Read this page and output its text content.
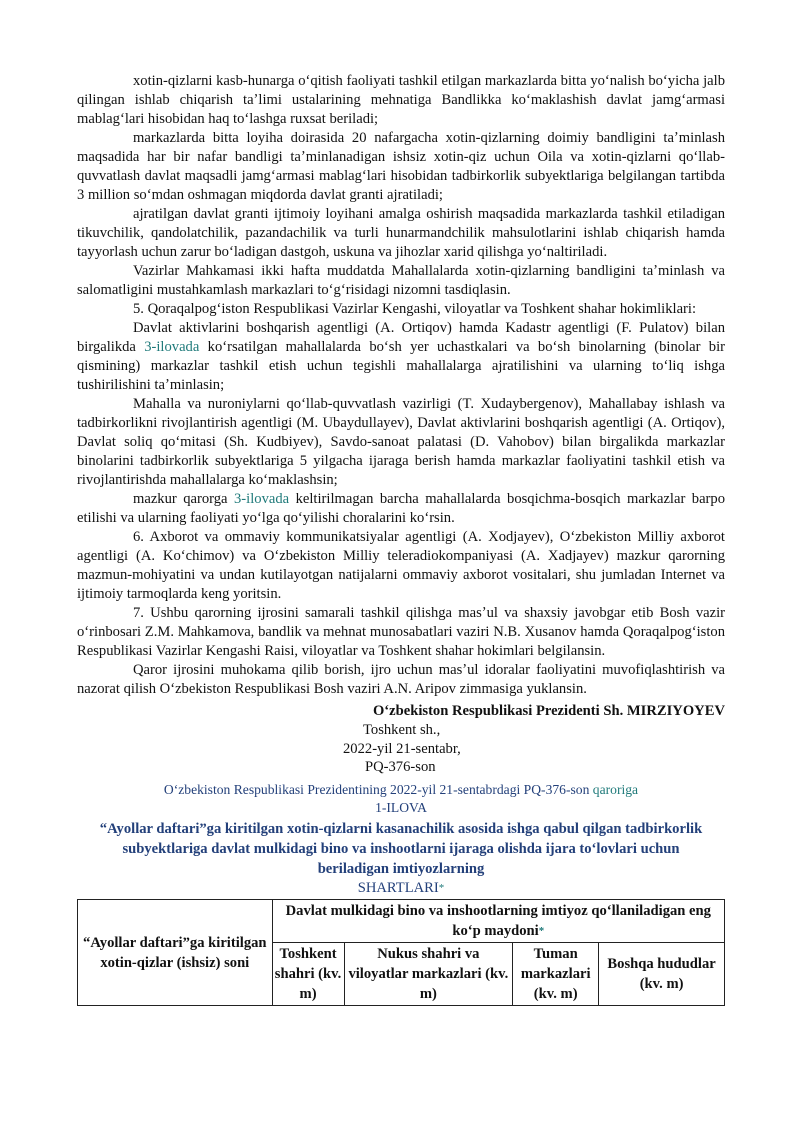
xotin-qizlarni kasb-hunarga oʻqitish faoliyati tashkil etilgan markazlarda bitta yoʻnalish boʻyicha jalb qilingan ishlab chiqarish taʼlimi ustalarining mehnatiga Bandlikka koʻmaklashish davlat jamgʻarmasi mablagʻlari hisobidan haq toʻlashga ruxsat beriladi;

markazlarda bitta loyiha doirasida 20 nafargacha xotin-qizlarning doimiy bandligini taʼminlash maqsadida har bir nafar bandligi taʼminlanadigan ishsiz xotin-qiz uchun Oila va xotin-qizlarni qoʻllab-quvvatlash davlat maqsadli jamgʻarmasi mablagʻlari hisobidan tadbirkorlik subyektlariga belgilangan tartibda 3 million soʻmdan oshmagan miqdorda davlat granti ajratiladi;

ajratilgan davlat granti ijtimoiy loyihani amalga oshirish maqsadida markazlarda tashkil etiladigan tikuvchilik, qandolatchilik, pazandachilik va turli hunarmandchilik mahsulotlarini ishlab chiqarish hamda tayyorlash uchun zarur boʻladigan dastgoh, uskuna va jihozlar xarid qilishga yoʻnaltiriladi.

Vazirlar Mahkamasi ikki hafta muddatda Mahallalarda xotin-qizlarning bandligini taʼminlash va salomatligini mustahkamlash markazlari toʻgʻrisidagi nizomni tasdiqlasin.

5. Qoraqalpogʻiston Respublikasi Vazirlar Kengashi, viloyatlar va Toshkent shahar hokimliklari:

Davlat aktivlarini boshqarish agentligi (A. Ortiqov) hamda Kadastr agentligi (F. Pulatov) bilan birgalikda 3-ilovada koʻrsatilgan mahallalarda boʻsh yer uchastkalari va boʻsh binolarning (binolar bir qismining) markazlar tashkil etish uchun tegishli mahallalarga ajratilishini va ularning toʻliq ishga tushirilishini taʼminlasin;

Mahalla va nuroniylarni qoʻllab-quvvatlash vazirligi (T. Xudaybergenov), Mahallabay ishlash va tadbirkorlikni rivojlantirish agentligi (M. Ubaydullayev), Davlat aktivlarini boshqarish agentligi (A. Ortiqov), Davlat soliq qoʻmitasi (Sh. Kudbiyev), Savdo-sanoat palatasi (D. Vahobov) bilan birgalikda markazlar binolarini tadbirkorlik subyektlariga 5 yilgacha ijaraga berish hamda markazlar faoliyatini tashkil etish va rivojlantirishda mahallalarga koʻmaklashsin;

mazkur qarorga 3-ilovada keltirilmagan barcha mahallalarda bosqichma-bosqich markazlar barpo etilishi va ularning faoliyati yoʻlga qoʻyilishi choralarini koʻrsin.

6. Axborot va ommaviy kommunikatsiyalar agentligi (A. Xodjayev), Oʻzbekiston Milliy axborot agentligi (A. Koʻchimov) va Oʻzbekiston Milliy teleradiokompaniyasi (A. Xadjayev) mazkur qarorning mazmun-mohiyatini va undan kutilayotgan natijalarni ommaviy axborot vositalari, shu jumladan Internet va ijtimoiy tarmoqlarda keng yoritsin.

7. Ushbu qarorning ijrosini samarali tashkil qilishga masʼul va shaxsiy javobgar etib Bosh vazir oʻrinbosari Z.M. Mahkamova, bandlik va mehnat munosabatlari vaziri N.B. Xusanov hamda Qoraqalpogʻiston Respublikasi Vazirlar Kengashi Raisi, viloyatlar va Toshkent shahar hokimlari belgilansin.

Qaror ijrosini muhokama qilib borish, ijro uchun masʼul idoralar faoliyatini muvofiqlashtirish va nazorat qilish Oʻzbekiston Respublikasi Bosh vaziri A.N. Aripov zimmasiga yuklansin.

Oʻzbekiston Respublikasi Prezidenti Sh. MIRZIYOYEV

Toshkent sh.,

2022-yil 21-sentabr,

PQ-376-son

Oʻzbekiston Respublikasi Prezidentining 2022-yil 21-sentabrdagi PQ-376-son qaroriga

1-ILOVA

“Ayollar daftari”ga kiritilgan xotin-qizlarni kasanachilik asosida ishga qabul qilgan tadbirkorlik subyektlariga davlat mulkidagi bino va inshootlarni ijaraga olishda ijara toʻlovlari uchun beriladigan imtiyozlarning

SHARTLARI*

“Ayollar daftari”ga kiritilgan xotin-qizlar (ishsiz) soni	Davlat mulkidagi bino va inshootlarning imtiyoz qoʻllaniladigan eng koʻp maydoni*
	Toshkent shahri (kv. m)	Nukus shahri va viloyatlar markazlari (kv. m)	Tuman markazlari (kv. m)	Boshqa hududlar (kv. m)
